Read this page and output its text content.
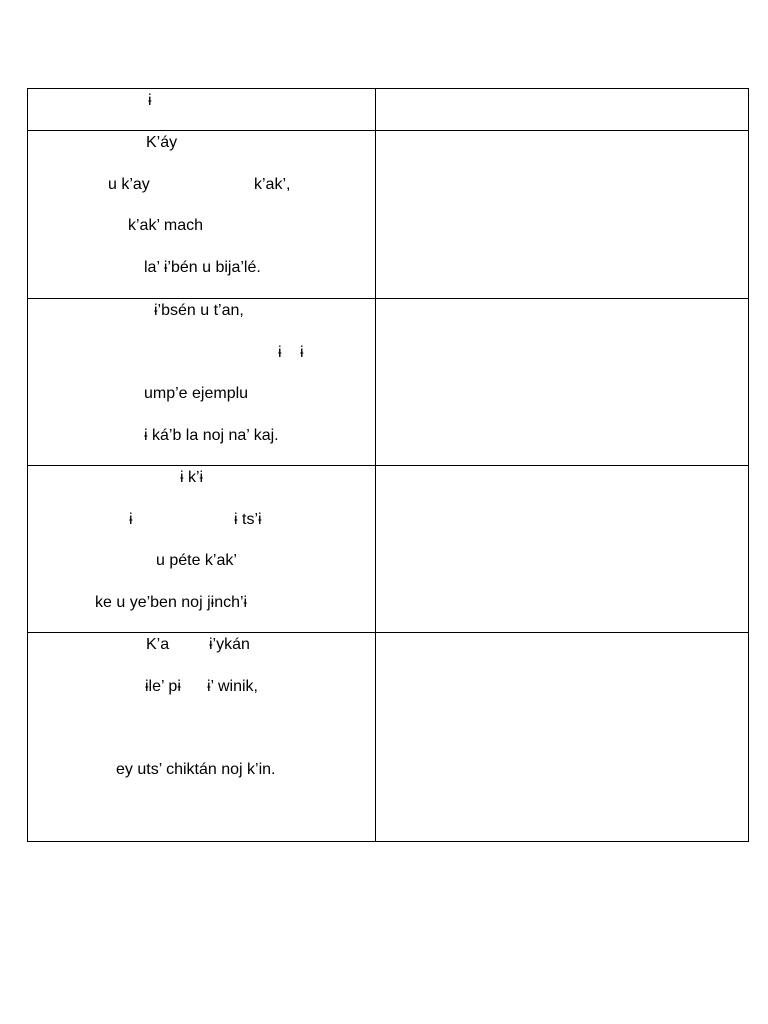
ɨ
K’áy
u k’ay	k’ak’,
k’ak’ mach
la’ ɨ’bén u bija’lé.
ɨ’bsén u t’an,
ɨ ɨ
ump’e ejemplu
ɨ ká’b la noj na’ kaj.
ɨ k’ɨ
ɨ	ɨ ts’ɨ
u péte k’ak’
ke u ye’ben noj jɨnch’ɨ
K’a ɨ’ykán
ɨle’ pɨ ɨ’ winik,
ey uts’ chiktán noj k’in.
